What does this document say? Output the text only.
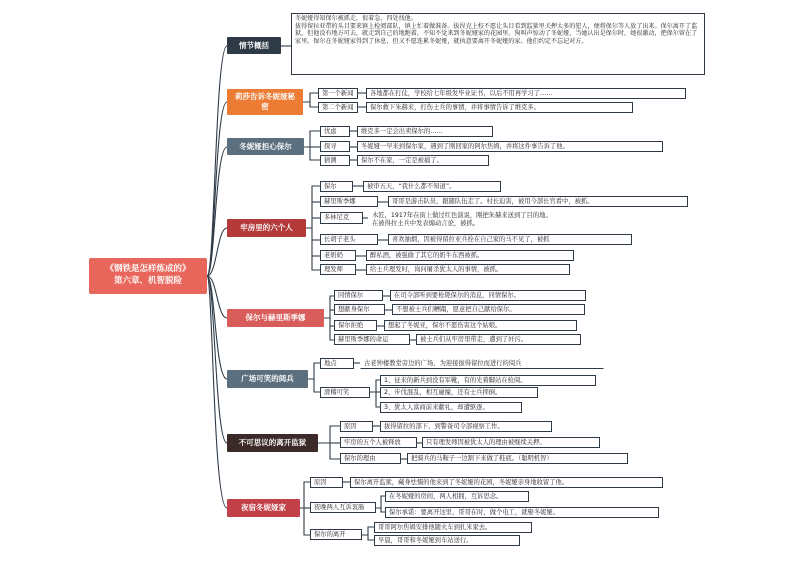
《钢铁是怎样炼成的》
第六章、机智脱险
情节概括
冬妮娅得知保尔被抓走，很着急，四处找他。
拔得留拉亚带的头目要来镇上检阅部队，镇上忙着做准备。拔涅克上校不愿让头目看到监狱里关押太多的犯人，便将保尔等人放了出来。保尔离开了监狱，但他没有地方可去，就走到自己的地跑着，不知不觉来到冬妮娅家的花园里。狗叫声惊动了冬妮娅，当她认出是保尔时，她很激动，把保尔留在了家里。保尔在冬妮娅家得到了休息，但又不愿连累冬妮娅，就执意要离开冬妮娅的家。他们约定不忘记对方。
莉莎告诉冬妮娅秘密
第一个新闻	各地都在打仗，学校给七年级发毕业证书，以后不用再学习了……
第二个新闻	保尔救下朱赫来，打伤士兵的事情，并将事情告诉了维克多。
冬妮娅担心保尔
忧虑	维克多一定会出卖保尔的……
探寻	冬妮娅一早来到保尔家，遇到了刚回家的阿尔焦姆，并将这件事告诉了他。
猜测	保尔不在家，一定是被捕了。
牢房里的六个人
保尔	被审五天，“我什么都不知道”。
赫里斯季娜	哥哥是游击队员，跟随队伍走了。村长迫害，被用今部长官看中，被抓。
多林尼克	木匠，1917年在街上做过红色演说，刚把朱赫来送到了目的地。
在被得拉士兵中发表煽动言论，被抓。
长胡子老头	喜欢抽烟，因被得留拉亚兵拴在自己家的马不见了，被抓
老奶奶	醉私酒，被强偷了其它的奶牛东西被抓。
理发师	给士兵理发时，询问屠杀犹太人的事情，被抓。
保尔与赫里斯季娜
同情保尔	在司令部听到要枪毙保尔的消息，同情保尔。
想献身保尔	不想被士兵们糟蹋，愿意把自己献给保尔。
保尔拒绝	想起了冬妮亚，保尔不愿伤害这个姑娘。
赫里斯季娜的命运	被士兵们从牢房里带走，遭到了奸污。
广场可笑的阅兵
地点	古老钟楼教堂旁边的广场，为迎接拔得留拉而进行的阅兵
滑稽可笑
1、征来的新兵到没有军靴，有的光着脚站在检阅。
2、步伐混乱，相互碰撞，还有士兵摔倒。
3、犹太人富商前来献礼，却遭驱逐。
不可思议的离开监狱
原因	拔得留拉的部下，到警备司令部视察工作。
牢房的五个人被释放	只有理发师因被犹太人的理由被继续关押。
保尔的理由	把骑兵的马鞍子一边割下来做了鞋底。（聪明机智）
夜宿冬妮娅家
原因	保尔离开监狱，藏身怯懦的他来到了冬妮娅的花园，冬妮娅亲身地收留了他。
夜晚两人互诉衷肠
在冬妮娅的房间，两人相拥，互诉思念。
保尔承诺：要离开这里，哥哥在时，做个电工，就娶冬妮娅。
保尔的离开
哥哥阿尔焦姆安排他随火车到扎米家去。
早晨，哥哥和冬妮娅到车站送行。
